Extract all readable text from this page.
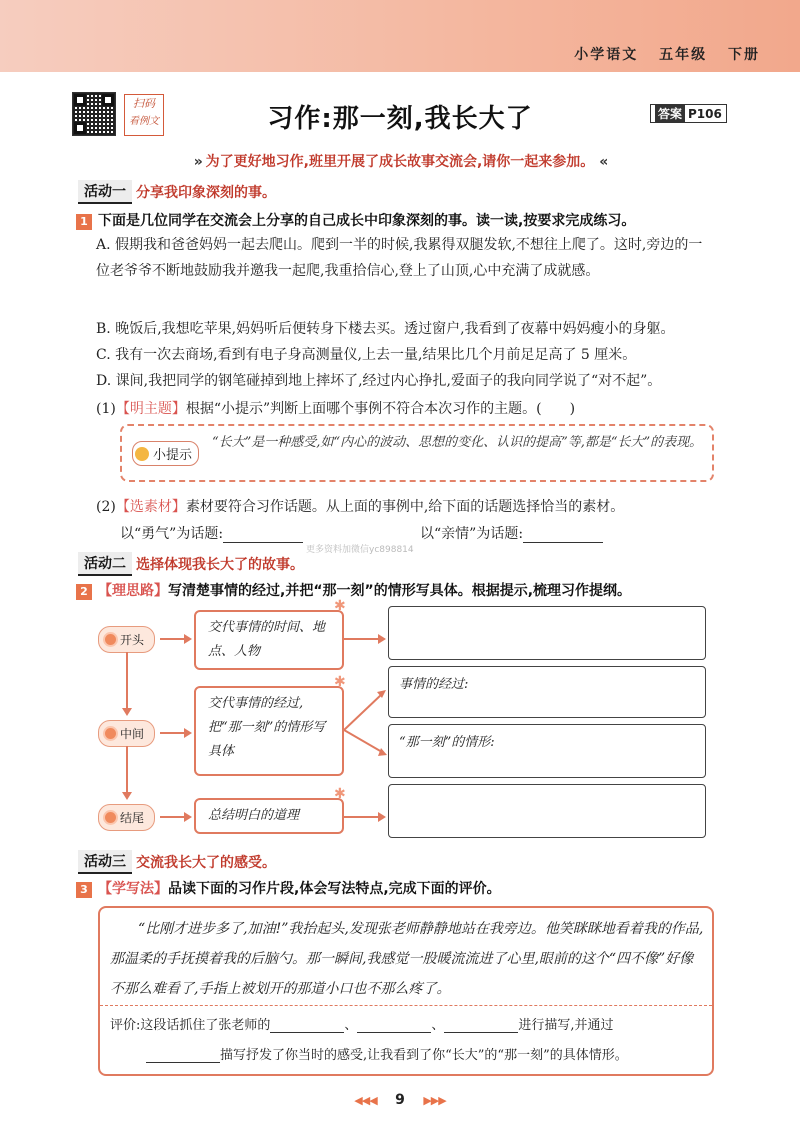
小学语文 五年级 下册
扫码
看例文	习作:那一刻,我长大了	答案 P106
» 为了更好地习作,班里开展了成长故事交流会,请你一起来参加。 «
活动一 分享我印象深刻的事。
1 下面是几位同学在交流会上分享的自己成长中印象深刻的事。读一读,按要求完成练习。
A. 假期我和爸爸妈妈一起去爬山。爬到一半的时候,我累得双腿发软,不想往上爬了。这时,旁边的一位老爷爷不断地鼓励我并邀我一起爬,我重拾信心,登上了山顶,心中充满了成就感。
B. 晚饭后,我想吃苹果,妈妈听后便转身下楼去买。透过窗户,我看到了夜幕中妈妈瘦小的身躯。
C. 我有一次去商场,看到有电子身高测量仪,上去一量,结果比几个月前足足高了 5 厘米。
D. 课间,我把同学的钢笔碰掉到地上摔坏了,经过内心挣扎,爱面子的我向同学说了“对不起”。
(1)【明主题】根据“小提示”判断上面哪个事例不符合本次习作的主题。(　　)
小提示
“长大”是一种感受,如“内心的波动、思想的变化、认识的提高”等,都是“长大”的表现。
(2)【选素材】素材要符合习作话题。从上面的事例中,给下面的话题选择恰当的素材。
以“勇气”为话题:	以“亲情”为话题:
更多资料加微信yc898814
活动二 选择体现我长大了的故事。
2 【理思路】写清楚事情的经过,并把“那一刻”的情形写具体。根据提示,梳理习作提纲。
开头
中间
结尾
交代事情的时间、地点、人物
✱
交代事情的经过,把“那一刻”的情形写具体
✱
总结明白的道理
✱
事情的经过:
“那一刻”的情形:
活动三 交流我长大了的感受。
3 【学写法】品读下面的习作片段,体会写法特点,完成下面的评价。
“比刚才进步多了,加油!”我抬起头,发现张老师静静地站在我旁边。他笑眯眯地看着我的作品,那温柔的手抚摸着我的后脑勺。那一瞬间,我感觉一股暖流流进了心里,眼前的这个“四不像”好像不那么难看了,手指上被划开的那道小口也不那么疼了。
评价:这段话抓住了张老师的	、	、	进行描写,并通过
描写抒发了你当时的感受,让我看到了你“长大”的“那一刻”的具体情形。
◀◀◀ 9 ▶▶▶
